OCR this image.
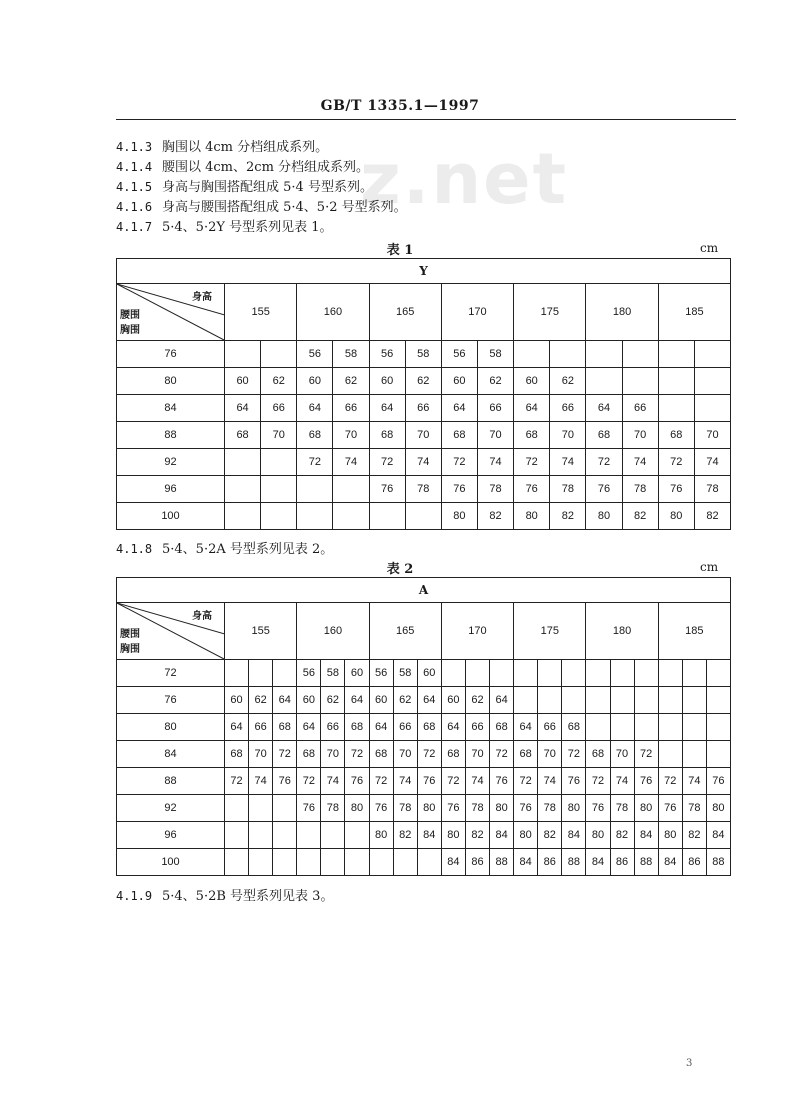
z.net
GB/T 1335.1—1997
4.1.3 胸围以 4cm 分档组成系列。
4.1.4 腰围以 4cm、2cm 分档组成系列。
4.1.5 身高与胸围搭配组成 5·4 号型系列。
4.1.6 身高与腰围搭配组成 5·4、5·2 号型系列。
4.1.7 5·4、5·2Y 号型系列见表 1。
表 1	cm
Y														

身高
腰围
胸围	155		160		165		170		175		180		185	
76			56	58	56	58	56	58						
80	60	62	60	62	60	62	60	62	60	62				
84	64	66	64	66	64	66	64	66	64	66	64	66		
88	68	70	68	70	68	70	68	70	68	70	68	70	68	70
92			72	74	72	74	72	74	72	74	72	74	72	74
96					76	78	76	78	76	78	76	78	76	78
100							80	82	80	82	80	82	80	82
4.1.8 5·4、5·2A 号型系列见表 2。
表 2	cm
A																					

身高
腰围
胸围	155			160			165			170			175			180			185		
72				56	58	60	56	58	60												
76	60	62	64	60	62	64	60	62	64	60	62	64									
80	64	66	68	64	66	68	64	66	68	64	66	68	64	66	68						
84	68	70	72	68	70	72	68	70	72	68	70	72	68	70	72	68	70	72			
88	72	74	76	72	74	76	72	74	76	72	74	76	72	74	76	72	74	76	72	74	76
92				76	78	80	76	78	80	76	78	80	76	78	80	76	78	80	76	78	80
96							80	82	84	80	82	84	80	82	84	80	82	84	80	82	84
100										84	86	88	84	86	88	84	86	88	84	86	88
4.1.9 5·4、5·2B 号型系列见表 3。
3
